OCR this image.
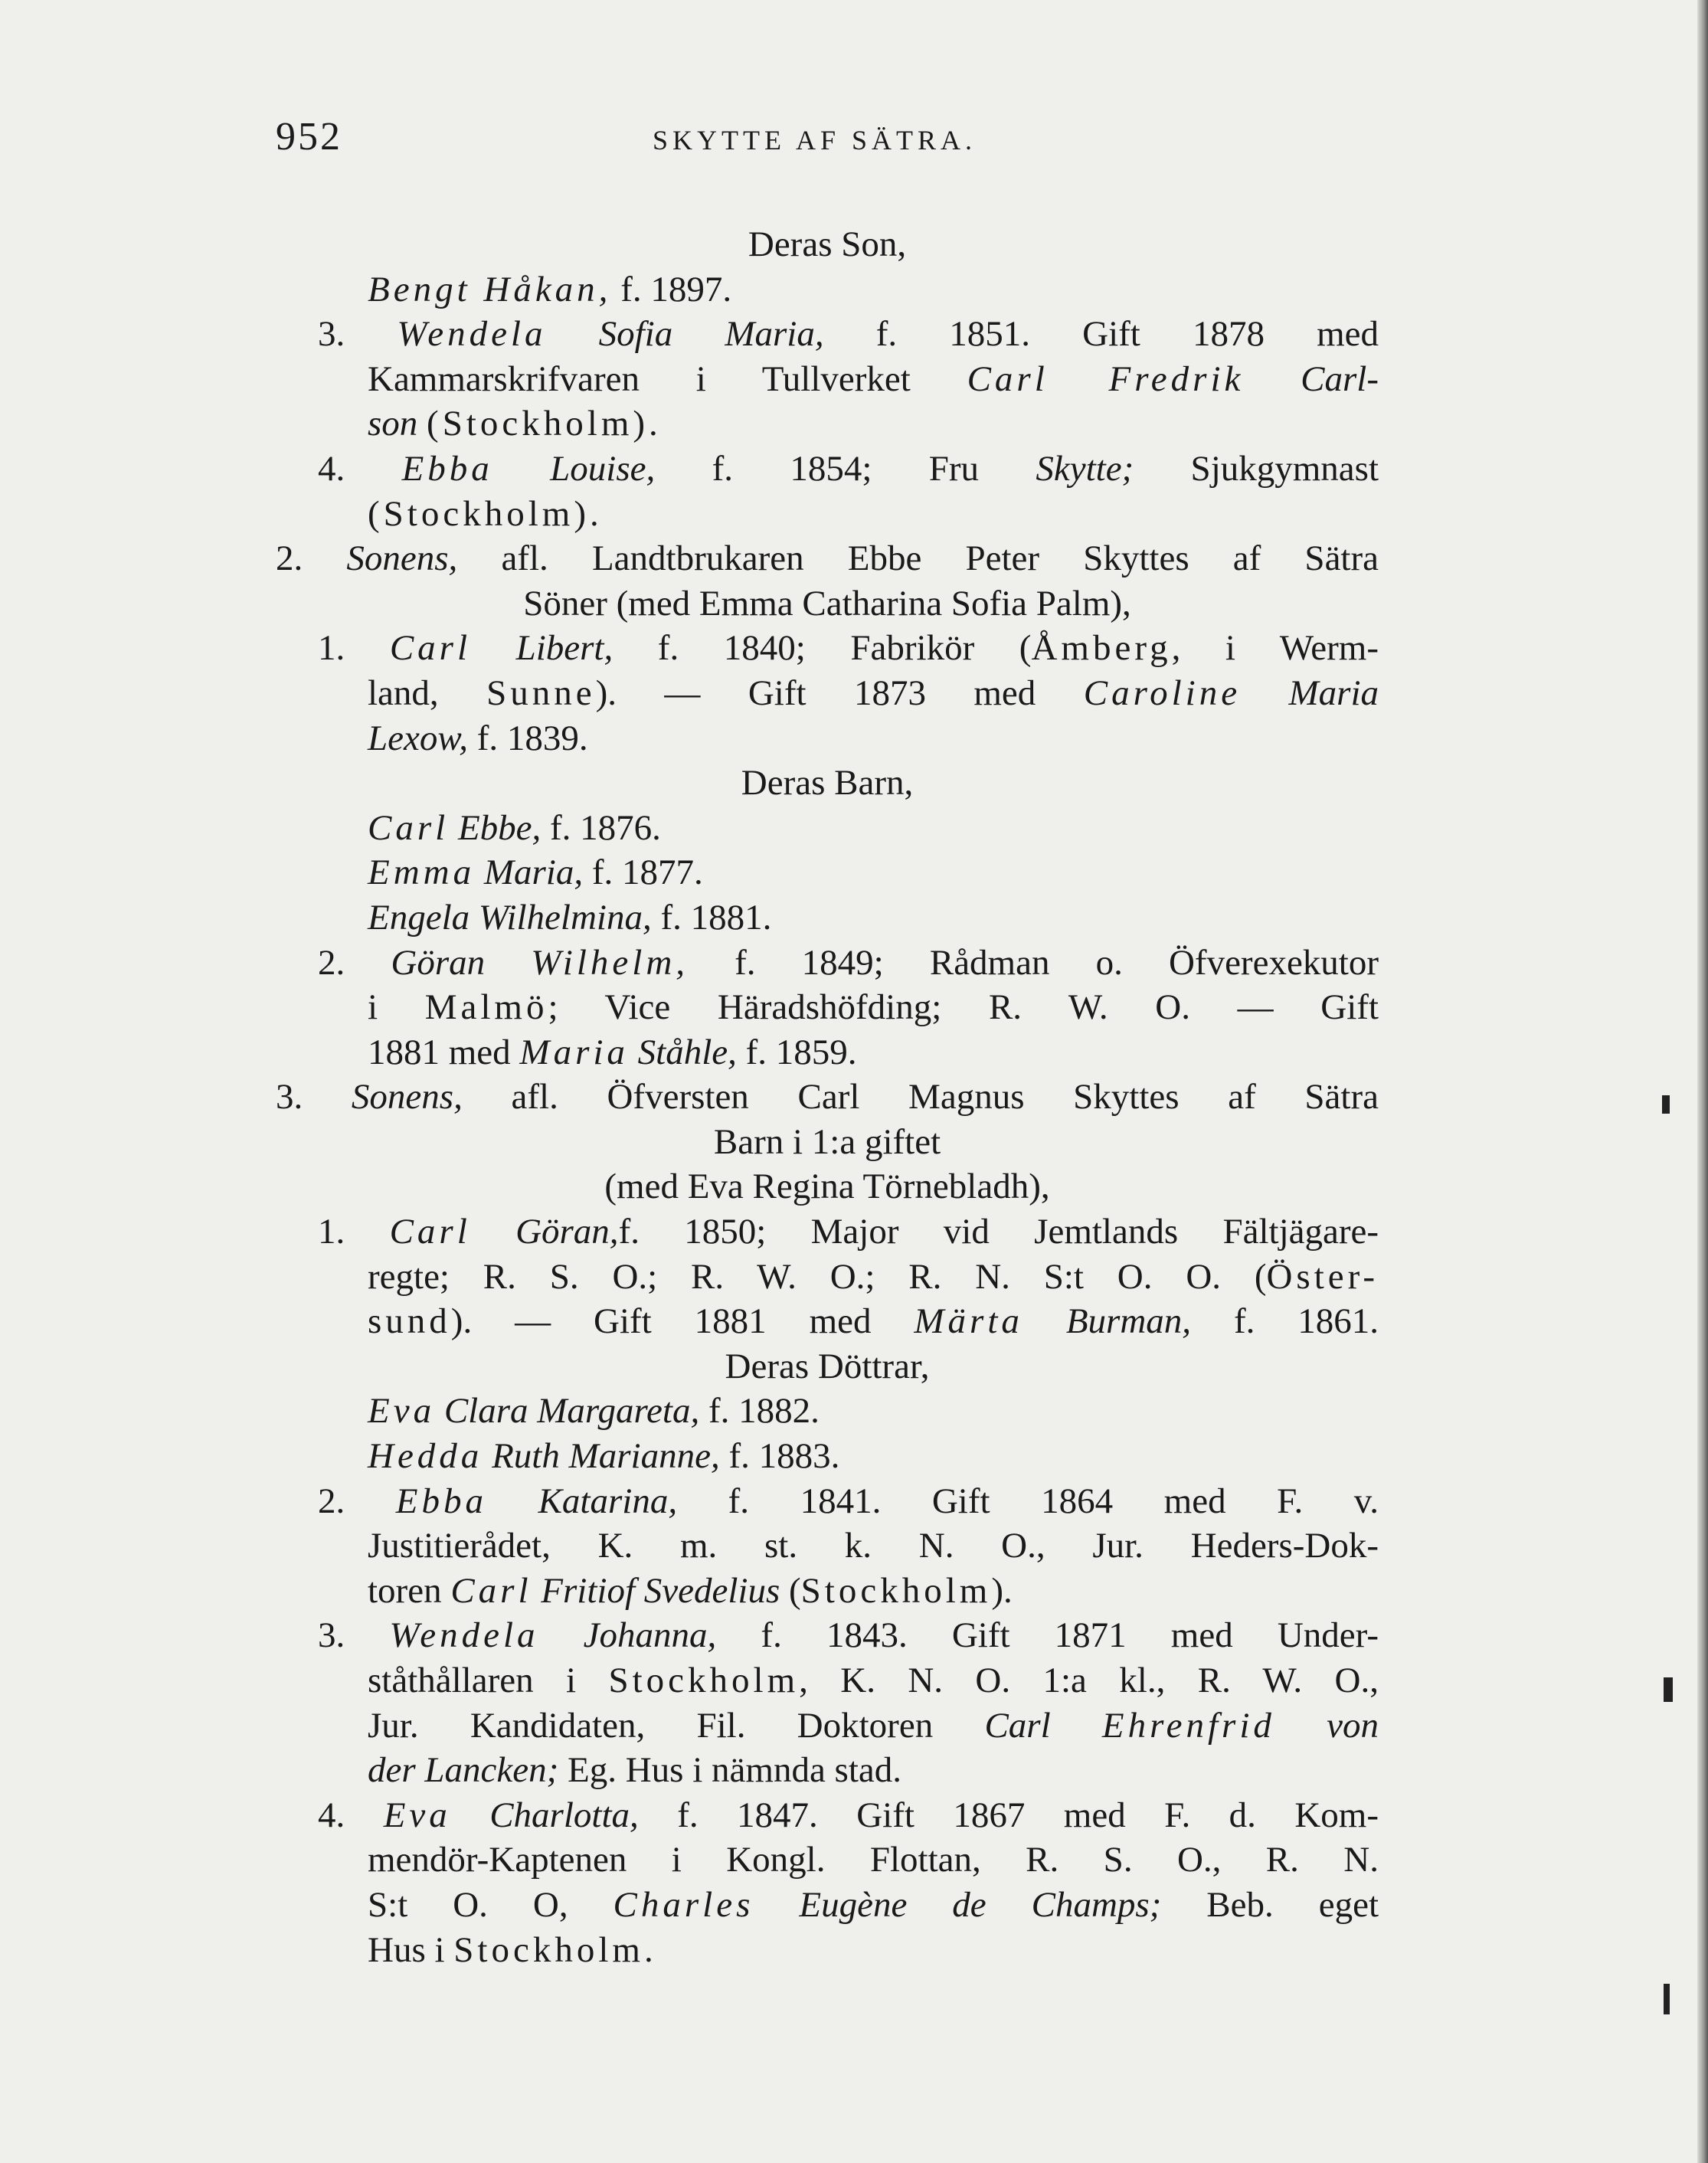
952	SKYTTE AF SÄTRA.
Deras Son,
Bengt Håkan, f. 1897.
3. Wendela Sofia Maria, f. 1851. Gift 1878 med
Kammarskrifvaren i Tullverket Carl Fredrik Carl-
son (Stockholm).
4. Ebba Louise, f. 1854; Fru Skytte; Sjukgymnast
(Stockholm).
2. Sonens, afl. Landtbrukaren Ebbe Peter Skyttes af Sätra
Söner (med Emma Catharina Sofia Palm),
1. Carl Libert, f. 1840; Fabrikör (Åmberg, i Werm-
land, Sunne). — Gift 1873 med Caroline Maria
Lexow, f. 1839.
Deras Barn,
Carl Ebbe, f. 1876.
Emma Maria, f. 1877.
Engela Wilhelmina, f. 1881.
2. Göran Wilhelm, f. 1849; Rådman o. Öfverexekutor
i Malmö; Vice Häradshöfding; R. W. O. — Gift
1881 med Maria Ståhle, f. 1859.
3. Sonens, afl. Öfversten Carl Magnus Skyttes af Sätra
Barn i 1:a giftet
(med Eva Regina Törnebladh),
1. Carl Göran,f. 1850; Major vid Jemtlands Fältjägare-
regte; R. S. O.; R. W. O.; R. N. S:t O. O. (Öster-
sund). — Gift 1881 med Märta Burman, f. 1861.
Deras Döttrar,
Eva Clara Margareta, f. 1882.
Hedda Ruth Marianne, f. 1883.
2. Ebba Katarina, f. 1841. Gift 1864 med F. v.
Justitierådet, K. m. st. k. N. O., Jur. Heders-Dok-
toren Carl Fritiof Svedelius (Stockholm).
3. Wendela Johanna, f. 1843. Gift 1871 med Under-
ståthållaren i Stockholm, K. N. O. 1:a kl., R. W. O.,
Jur. Kandidaten, Fil. Doktoren Carl Ehrenfrid von
der Lancken; Eg. Hus i nämnda stad.
4. Eva Charlotta, f. 1847. Gift 1867 med F. d. Kom-
mendör-Kaptenen i Kongl. Flottan, R. S. O., R. N.
S:t O. O, Charles Eugène de Champs; Beb. eget
Hus i Stockholm.
